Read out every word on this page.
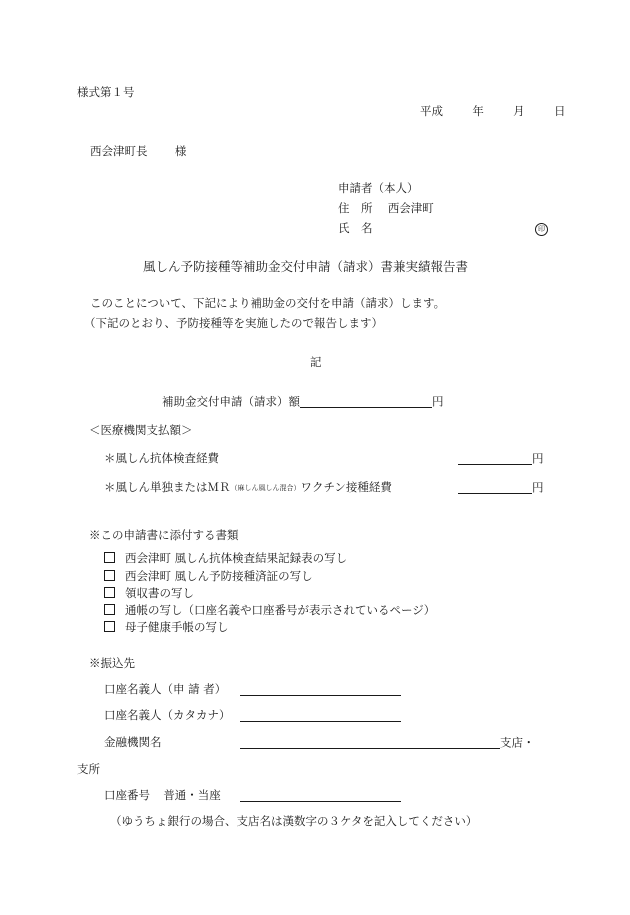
様式第１号
平成	年	月	日
西会津町長 様
申請者（本人）
住　所 西会津町
氏　名	印
風しん予防接種等補助金交付申請（請求）書兼実績報告書
このことについて、下記により補助金の交付を申請（請求）します。
（下記のとおり、予防接種等を実施したので報告します）
記
補助金交付申請（請求）額	円
＜医療機関支払額＞
＊風しん抗体検査経費	円
＊風しん単独またはＭＲ（麻しん風しん混合）ワクチン接種経費	円
※この申請書に添付する書類
西会津町 風しん抗体検査結果記録表の写し
西会津町 風しん予防接種済証の写し
領収書の写し
通帳の写し（口座名義や口座番号が表示されているページ）
母子健康手帳の写し
※振込先
口座名義人（申 請 者）
口座名義人（カタカナ）
金融機関名	支店・
支所
口座番号 普通・当座
（ゆうちょ銀行の場合、支店名は漢数字の３ケタを記入してください）
